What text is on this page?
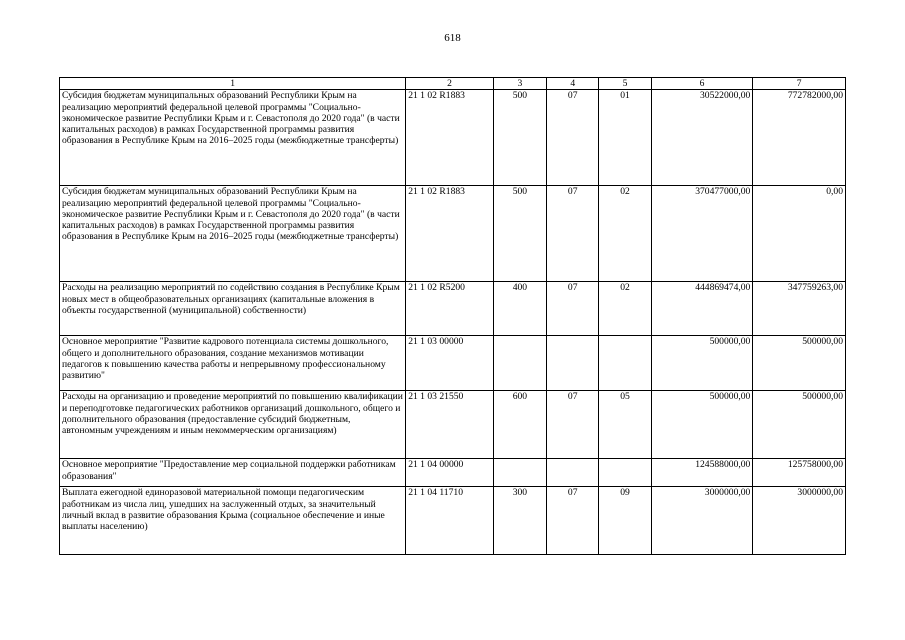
618
1	2	3	4	5	6	7
Субсидия бюджетам муниципальных образований Республики Крым на реализацию мероприятий федеральной целевой программы "Социально-экономическое развитие Республики Крым и г. Севастополя до 2020 года" (в части капитальных расходов) в рамках Государственной программы развития образования в Республике Крым на 2016–2025 годы (межбюджетные трансферты)	21 1 02 R1883	500	07	01	30522000,00	772782000,00
Субсидия бюджетам муниципальных образований Республики Крым на реализацию мероприятий федеральной целевой программы "Социально-экономическое развитие Республики Крым и г. Севастополя до 2020 года" (в части капитальных расходов) в рамках Государственной программы развития образования в Республике Крым на 2016–2025 годы (межбюджетные трансферты)	21 1 02 R1883	500	07	02	370477000,00	0,00
Расходы на реализацию мероприятий по содействию создания в Республике Крым новых мест в общеобразовательных организациях (капитальные вложения в объекты государственной (муниципальной) собственности)	21 1 02 R5200	400	07	02	444869474,00	347759263,00
Основное мероприятие "Развитие кадрового потенциала системы дошкольного, общего и дополнительного образования, создание механизмов мотивации педагогов к повышению качества работы и непрерывному профессиональному развитию"	21 1 03 00000				500000,00	500000,00
Расходы на организацию и проведение мероприятий по повышению квалификации и переподготовке педагогических работников организаций дошкольного, общего и дополнительного образования (предоставление субсидий бюджетным, автономным учреждениям и иным некоммерческим организациям)	21 1 03 21550	600	07	05	500000,00	500000,00
Основное мероприятие "Предоставление мер социальной поддержки работникам образования"	21 1 04 00000				124588000,00	125758000,00
Выплата ежегодной единоразовой материальной помощи педагогическим работникам из числа лиц, ушедших на заслуженный отдых, за значительный личный вклад в развитие образования Крыма (социальное обеспечение и иные выплаты населению)	21 1 04 11710	300	07	09	3000000,00	3000000,00
